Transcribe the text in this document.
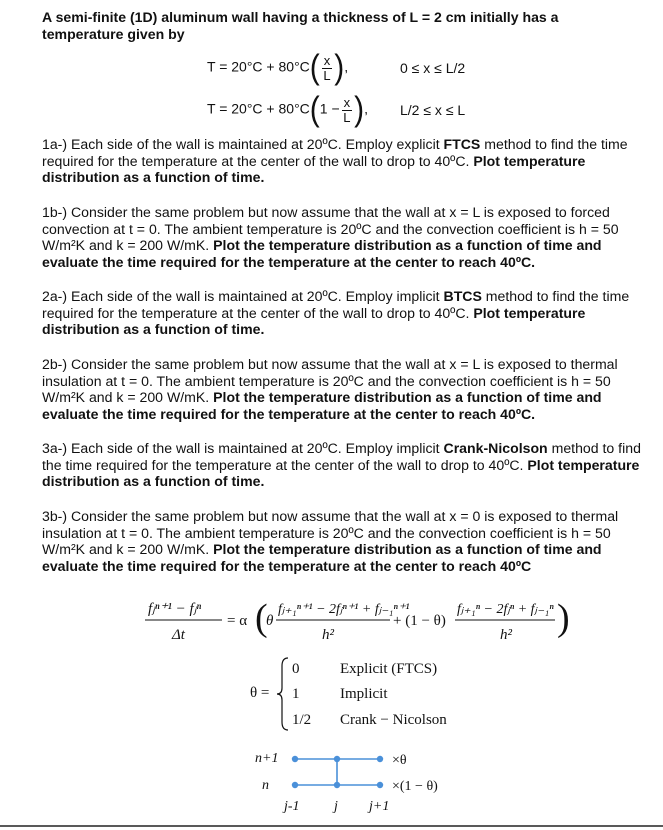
A semi-finite (1D) aluminum wall having a thickness of L = 2 cm initially has a
temperature given by
$T = 20^\circ C + 80^\circ C( \frac{x}{L}$ ),	0 ≤ x ≤ L/2
$T = 20^\circ C + 80^\circ C(1 - \frac{x}{L}$ ), L/2 ≤ x ≤ L
1a-) Each side of the wall is maintained at 20ºC. Employ explicit FTCS method to find the time required for the temperature at the center of the wall to drop to 40ºC. Plot temperature distribution as a function of time.
1b-) Consider the same problem but now assume that the wall at x = L is exposed to forced convection at t = 0. The ambient temperature is 20ºC and the convection coefficient is h = 50 W/m²K and k = 200 W/mK. Plot the temperature distribution as a function of time and evaluate the time required for the temperature at the center to reach 40ºC.
2a-) Each side of the wall is maintained at 20ºC. Employ implicit BTCS method to find the time required for the temperature at the center of the wall to drop to 40ºC. Plot temperature distribution as a function of time.
2b-) Consider the same problem but now assume that the wall at x = L is exposed to thermal insulation at t = 0. The ambient temperature is 20ºC and the convection coefficient is h = 50 W/m²K and k = 200 W/mK. Plot the temperature distribution as a function of time and evaluate the time required for the temperature at the center to reach 40ºC.
3a-) Each side of the wall is maintained at 20ºC. Employ implicit Crank-Nicolson method to find the time required for the temperature at the center of the wall to drop to 40ºC. Plot temperature distribution as a function of time.
3b-) Consider the same problem but now assume that the wall at x = 0 is exposed to thermal insulation at t = 0. The ambient temperature is 20ºC and the convection coefficient is h = 50 W/m²K and k = 200 W/mK. Plot the temperature distribution as a function of time and evaluate the time required for the temperature at the center to reach 40ºC
fⱼⁿ⁺¹ − fⱼⁿ
Δt
= α (
θ
fⱼ₊₁ⁿ⁺¹ − 2fⱼⁿ⁺¹ + fⱼ₋₁ⁿ⁺¹
h²
+ (1 − θ)
fⱼ₊₁ⁿ − 2fⱼⁿ + fⱼ₋₁ⁿ
h² )
θ =
0
1
1/2
Explicit (FTCS)
Implicit
Crank − Nicolson
n+1
n
×θ
×(1 − θ)
j-1 j j+1
